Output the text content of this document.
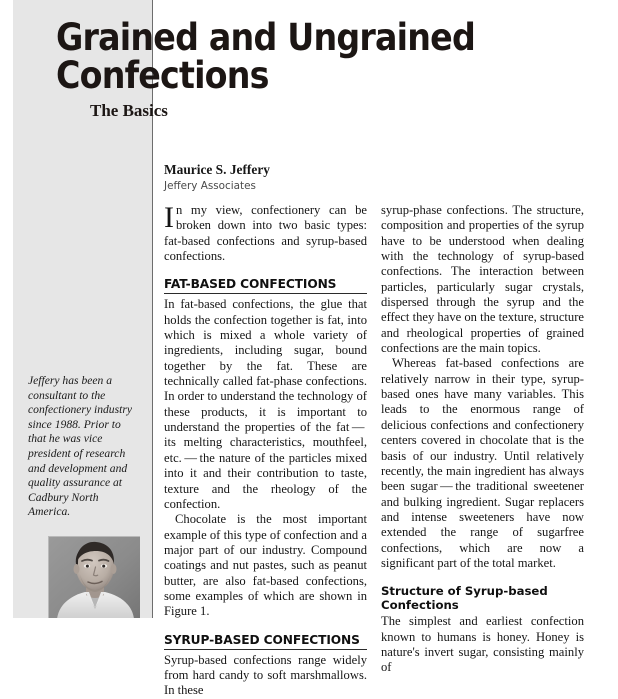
Grained and Ungrained
Confections
The Basics
Jeffery has been a consultant to the confectionery industry since 1988. Prior to that he was vice president of research and development and quality assurance at Cadbury North America.
Maurice S. Jeffery
Jeffery Associates

In my view, confectionery can be broken down into two basic types: fat-based confections and syrup-based confections.

FAT-BASED CONFECTIONS

In fat-based confections, the glue that holds the confection together is fat, into which is mixed a whole variety of ingredients, including sugar, bound together by the fat. These are technically called fat-phase confections. In order to understand the technology of these products, it is important to understand the properties of the fat — its melting characteristics, mouthfeel, etc. — the nature of the particles mixed into it and their contribution to taste, texture and the rheology of the confection.

Chocolate is the most important example of this type of confection and a major part of our industry. Compound coatings and nut pastes, such as peanut butter, are also fat-based confections, some examples of which are shown in Figure 1.

SYRUP-BASED CONFECTIONS

Syrup-based confections range widely from hard candy to soft marshmallows. In these

syrup-phase confections. The structure, composition and properties of the syrup have to be understood when dealing with the technology of syrup-based confections. The interaction between particles, particularly sugar crystals, dispersed through the syrup and the effect they have on the texture, structure and rheological properties of grained confections are the main topics.

Whereas fat-based confections are relatively narrow in their type, syrup-based ones have many variables. This leads to the enormous range of delicious confections and confectionery centers covered in chocolate that is the basis of our industry. Until relatively recently, the main ingredient has always been sugar — the traditional sweetener and bulking ingredient. Sugar replacers and intense sweeteners have now extended the range of sugarfree confections, which are now a significant part of the total market.

Structure of Syrup-based Confections

The simplest and earliest confection known to humans is honey. Honey is nature's invert sugar, consisting mainly of
